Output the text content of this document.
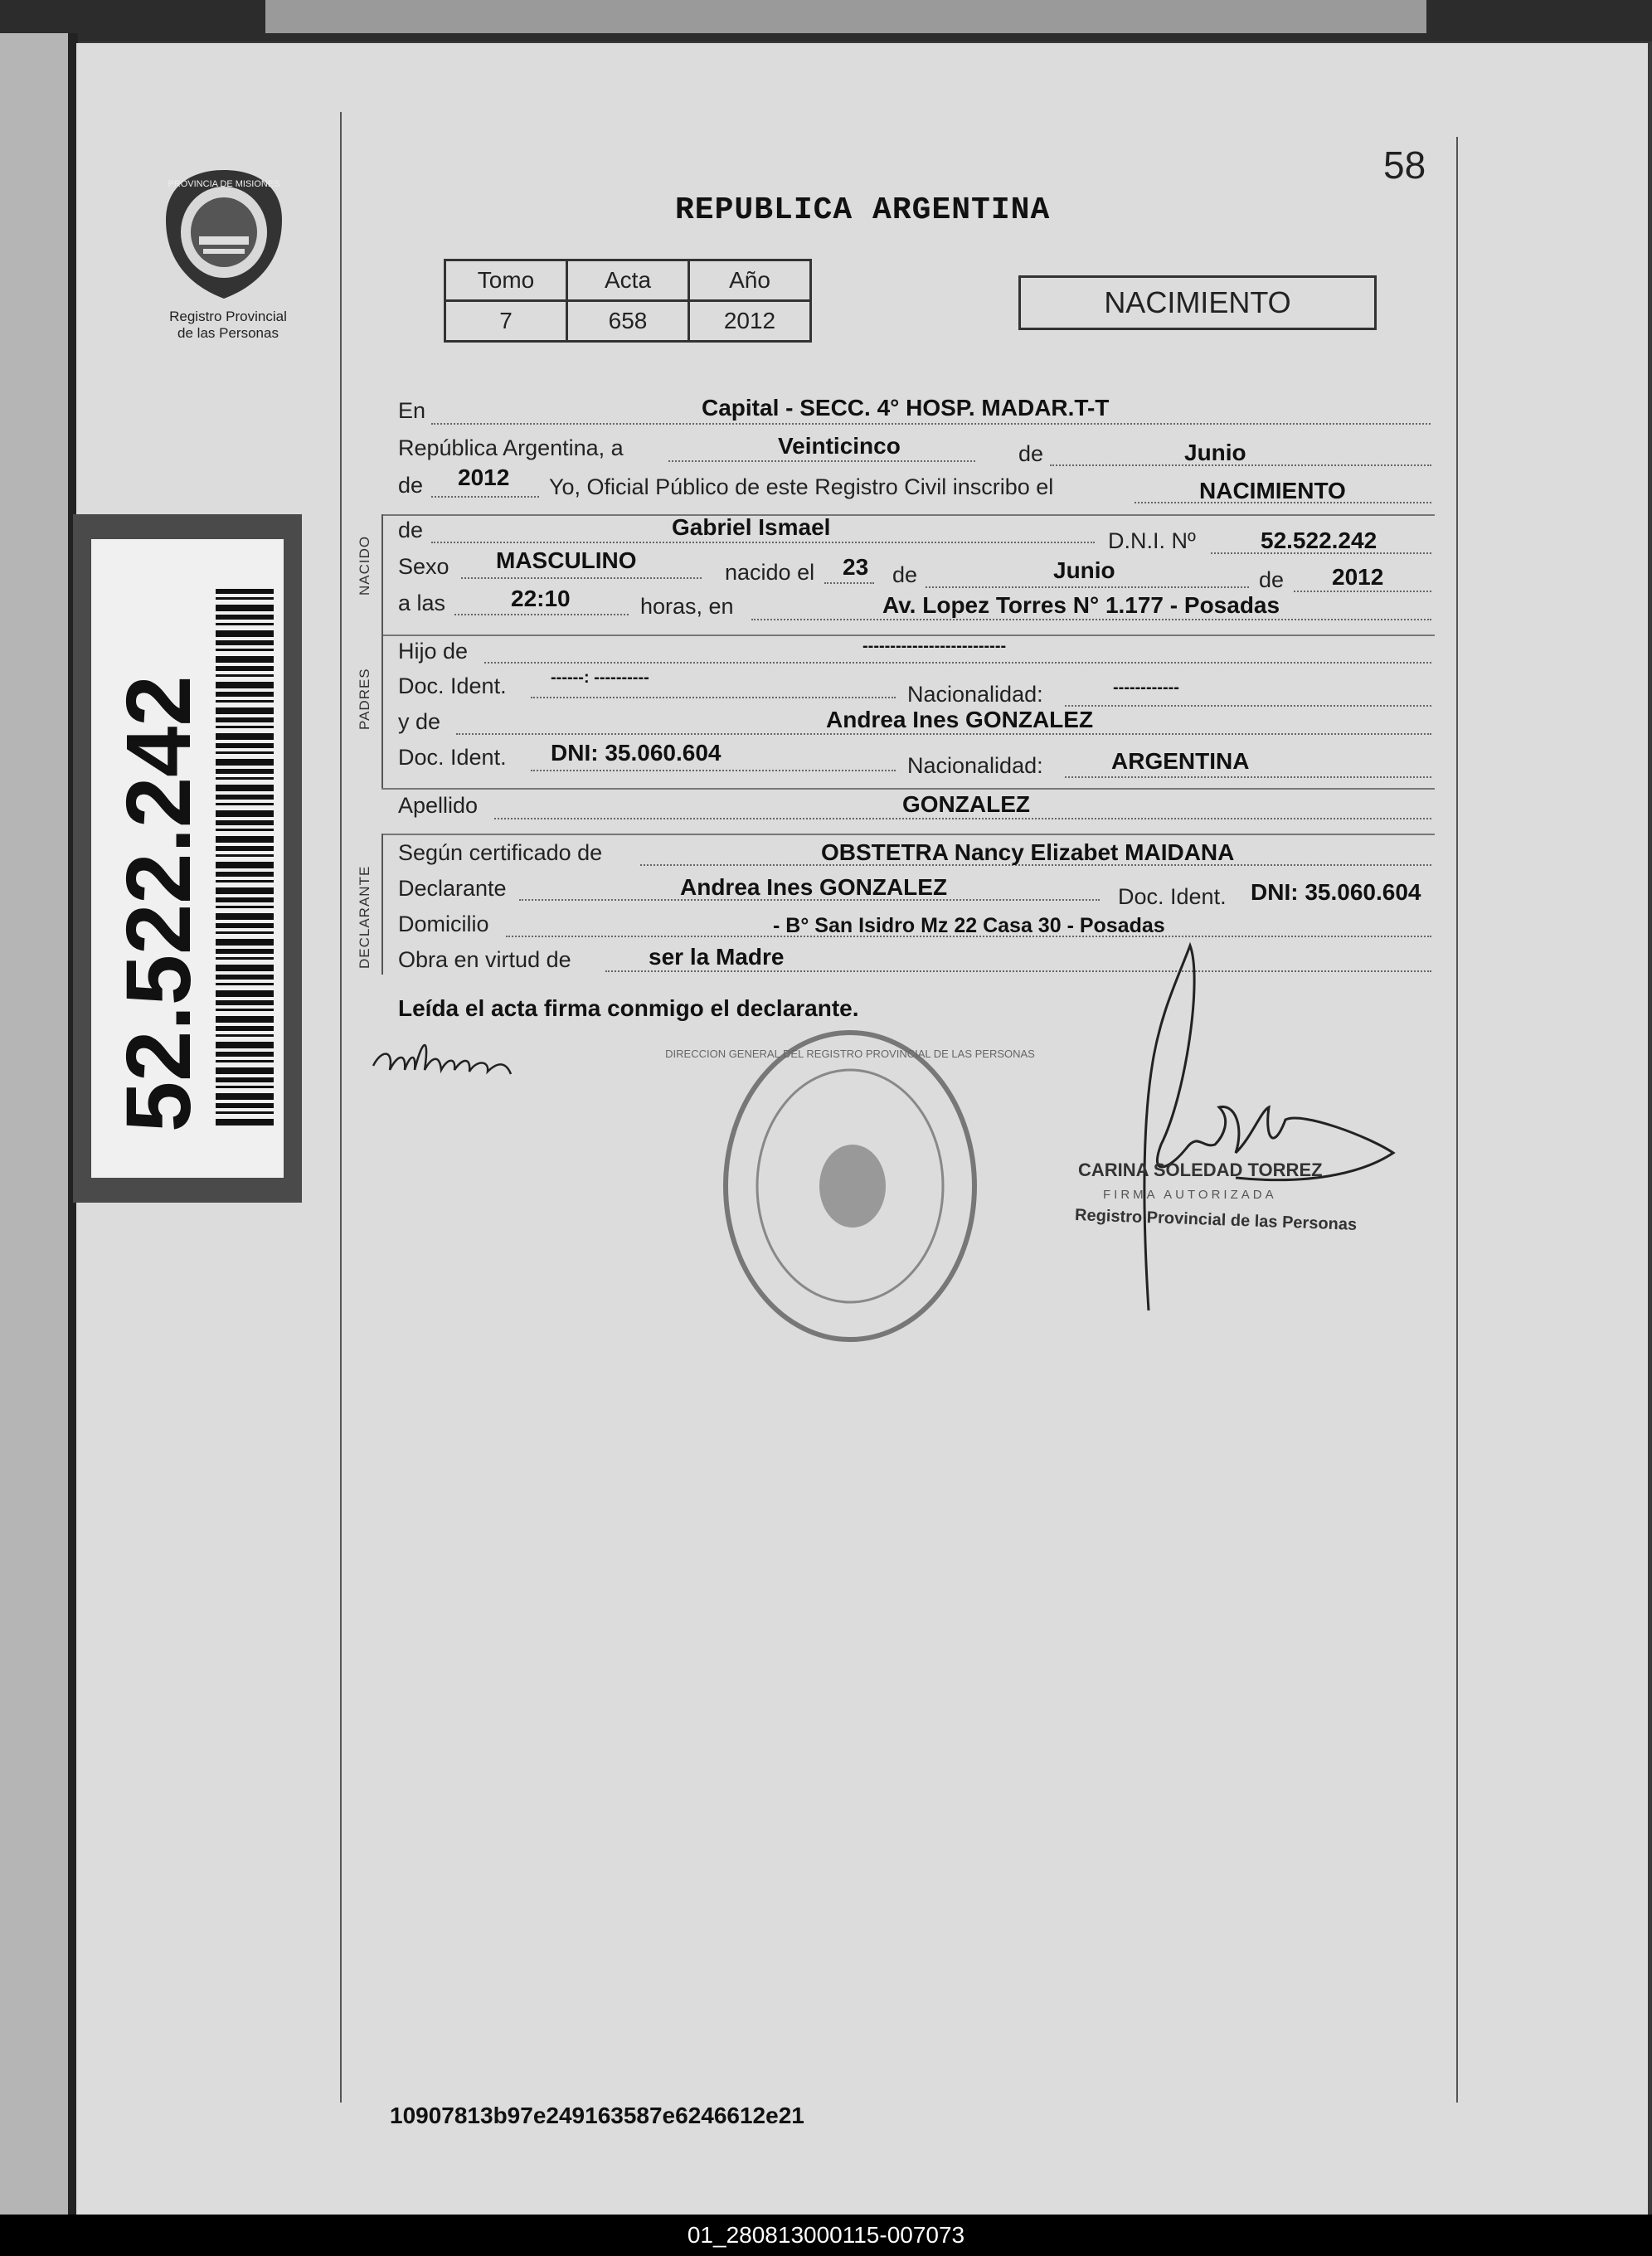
PROVINCIA DE MISIONES
Registro Provincial
de las Personas
52.522.242
58
REPUBLICA ARGENTINA
Tomo	Acta	Año
7	658	2012
NACIMIENTO
NACIDO
PADRES
DECLARANTE
En	Capital - SECC. 4° HOSP. MADAR.T-T
República Argentina, a	Veinticinco	de	Junio
de 2012 Yo, Oficial Público de este Registro Civil inscribo el	NACIMIENTO
de	Gabriel Ismael
D.N.I. Nº	52.522.242
Sexo MASCULINO	nacido el 23 de	Junio	de 2012
a las	22:10	horas, en	Av. Lopez Torres N° 1.177 - Posadas
Hijo de	--------------------------
Doc. Ident.	------: ----------
Nacionalidad:	------------
y de	Andrea Ines GONZALEZ
Doc. Ident. DNI: 35.060.604	Nacionalidad:	ARGENTINA
Apellido	GONZALEZ
Según certificado de	OBSTETRA Nancy Elizabet MAIDANA
Declarante	Andrea Ines GONZALEZ	Doc. Ident. DNI: 35.060.604
Domicilio	- B° San Isidro Mz 22 Casa 30 - Posadas
Obra en virtud de	ser la Madre
Leída el acta firma conmigo el declarante.
DIRECCION GENERAL DEL REGISTRO PROVINCIAL DE LAS PERSONAS
CARINA SOLEDAD TORREZ
FIRMA AUTORIZADA
Registro Provincial de las Personas
10907813b97e249163587e6246612e21
01_280813000115-007073
